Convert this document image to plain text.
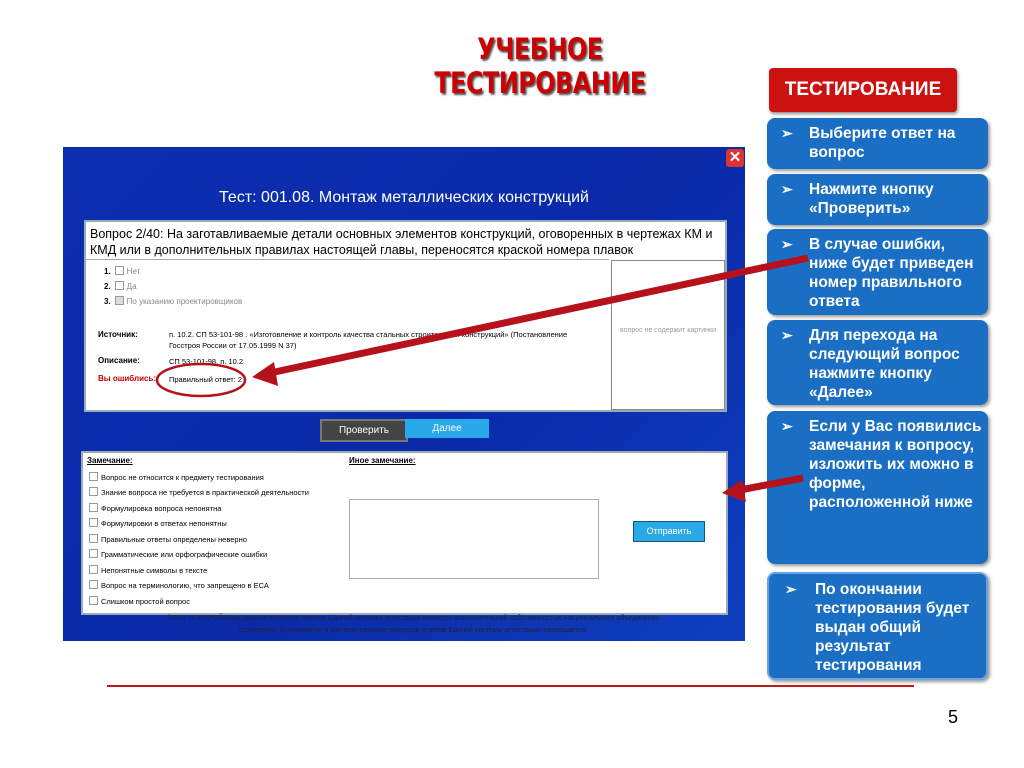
УЧЕБНОЕ ТЕСТИРОВАНИЕ	ТЕСТИРОВАНИЕ
➢ Выберите ответ на вопрос
➢ Нажмите кнопку «Проверить»
➢ В случае ошибки, ниже будет приведен номер правильного ответа
➢ Для перехода на следующий вопрос нажмите кнопку «Далее»
➢ Если у Вас появились замечания к вопросу, изложить их можно в форме, расположенной ниже
➢ По окончании тестирования будет выдан общий результат тестирования
✕
Тест: 001.08. Монтаж металлических конструкций
Вопрос 2/40: На заготавливаемые детали основных элементов конструкций, оговоренных в чертежах КМ и КМД или в дополнительных правилах настоящей главы, переносятся краской номера плавок
1. Нет
2. Да
3. По указанию проектировщиков
Источник:	п. 10.2. СП 53-101-98 . «Изготовление и контроль качества стальных строительных конструкций» (Постановление Госстроя России от 17.05.1999 N 37)
Описание:	СП 53-101-98, п. 10.2
Вы ошиблись: Правильный ответ: 2
вопрос не содержит картинки
Проверить	Далее
Замечание:	Иное замечание:
Вопрос не относится к предмету тестирования
Знание вопроса не требуется в практической деятельности
Формулировка вопроса непонятна
Формулировки в ответах непонятны
Правильные ответы определены неверно
Грамматические или орфографические ошибки
Непонятные символы в тексте
Вопрос на терминологию, что запрещено в ЕСА
Слишком простой вопрос
Отправить
©2011 НОСТРОЙ База данных вопросов-ответов Единой системы аттестации является исключительной собственностью Национального объединения строителей. Копирование и распространение вопросов-ответов Единой системы аттестации запрещается!
5
